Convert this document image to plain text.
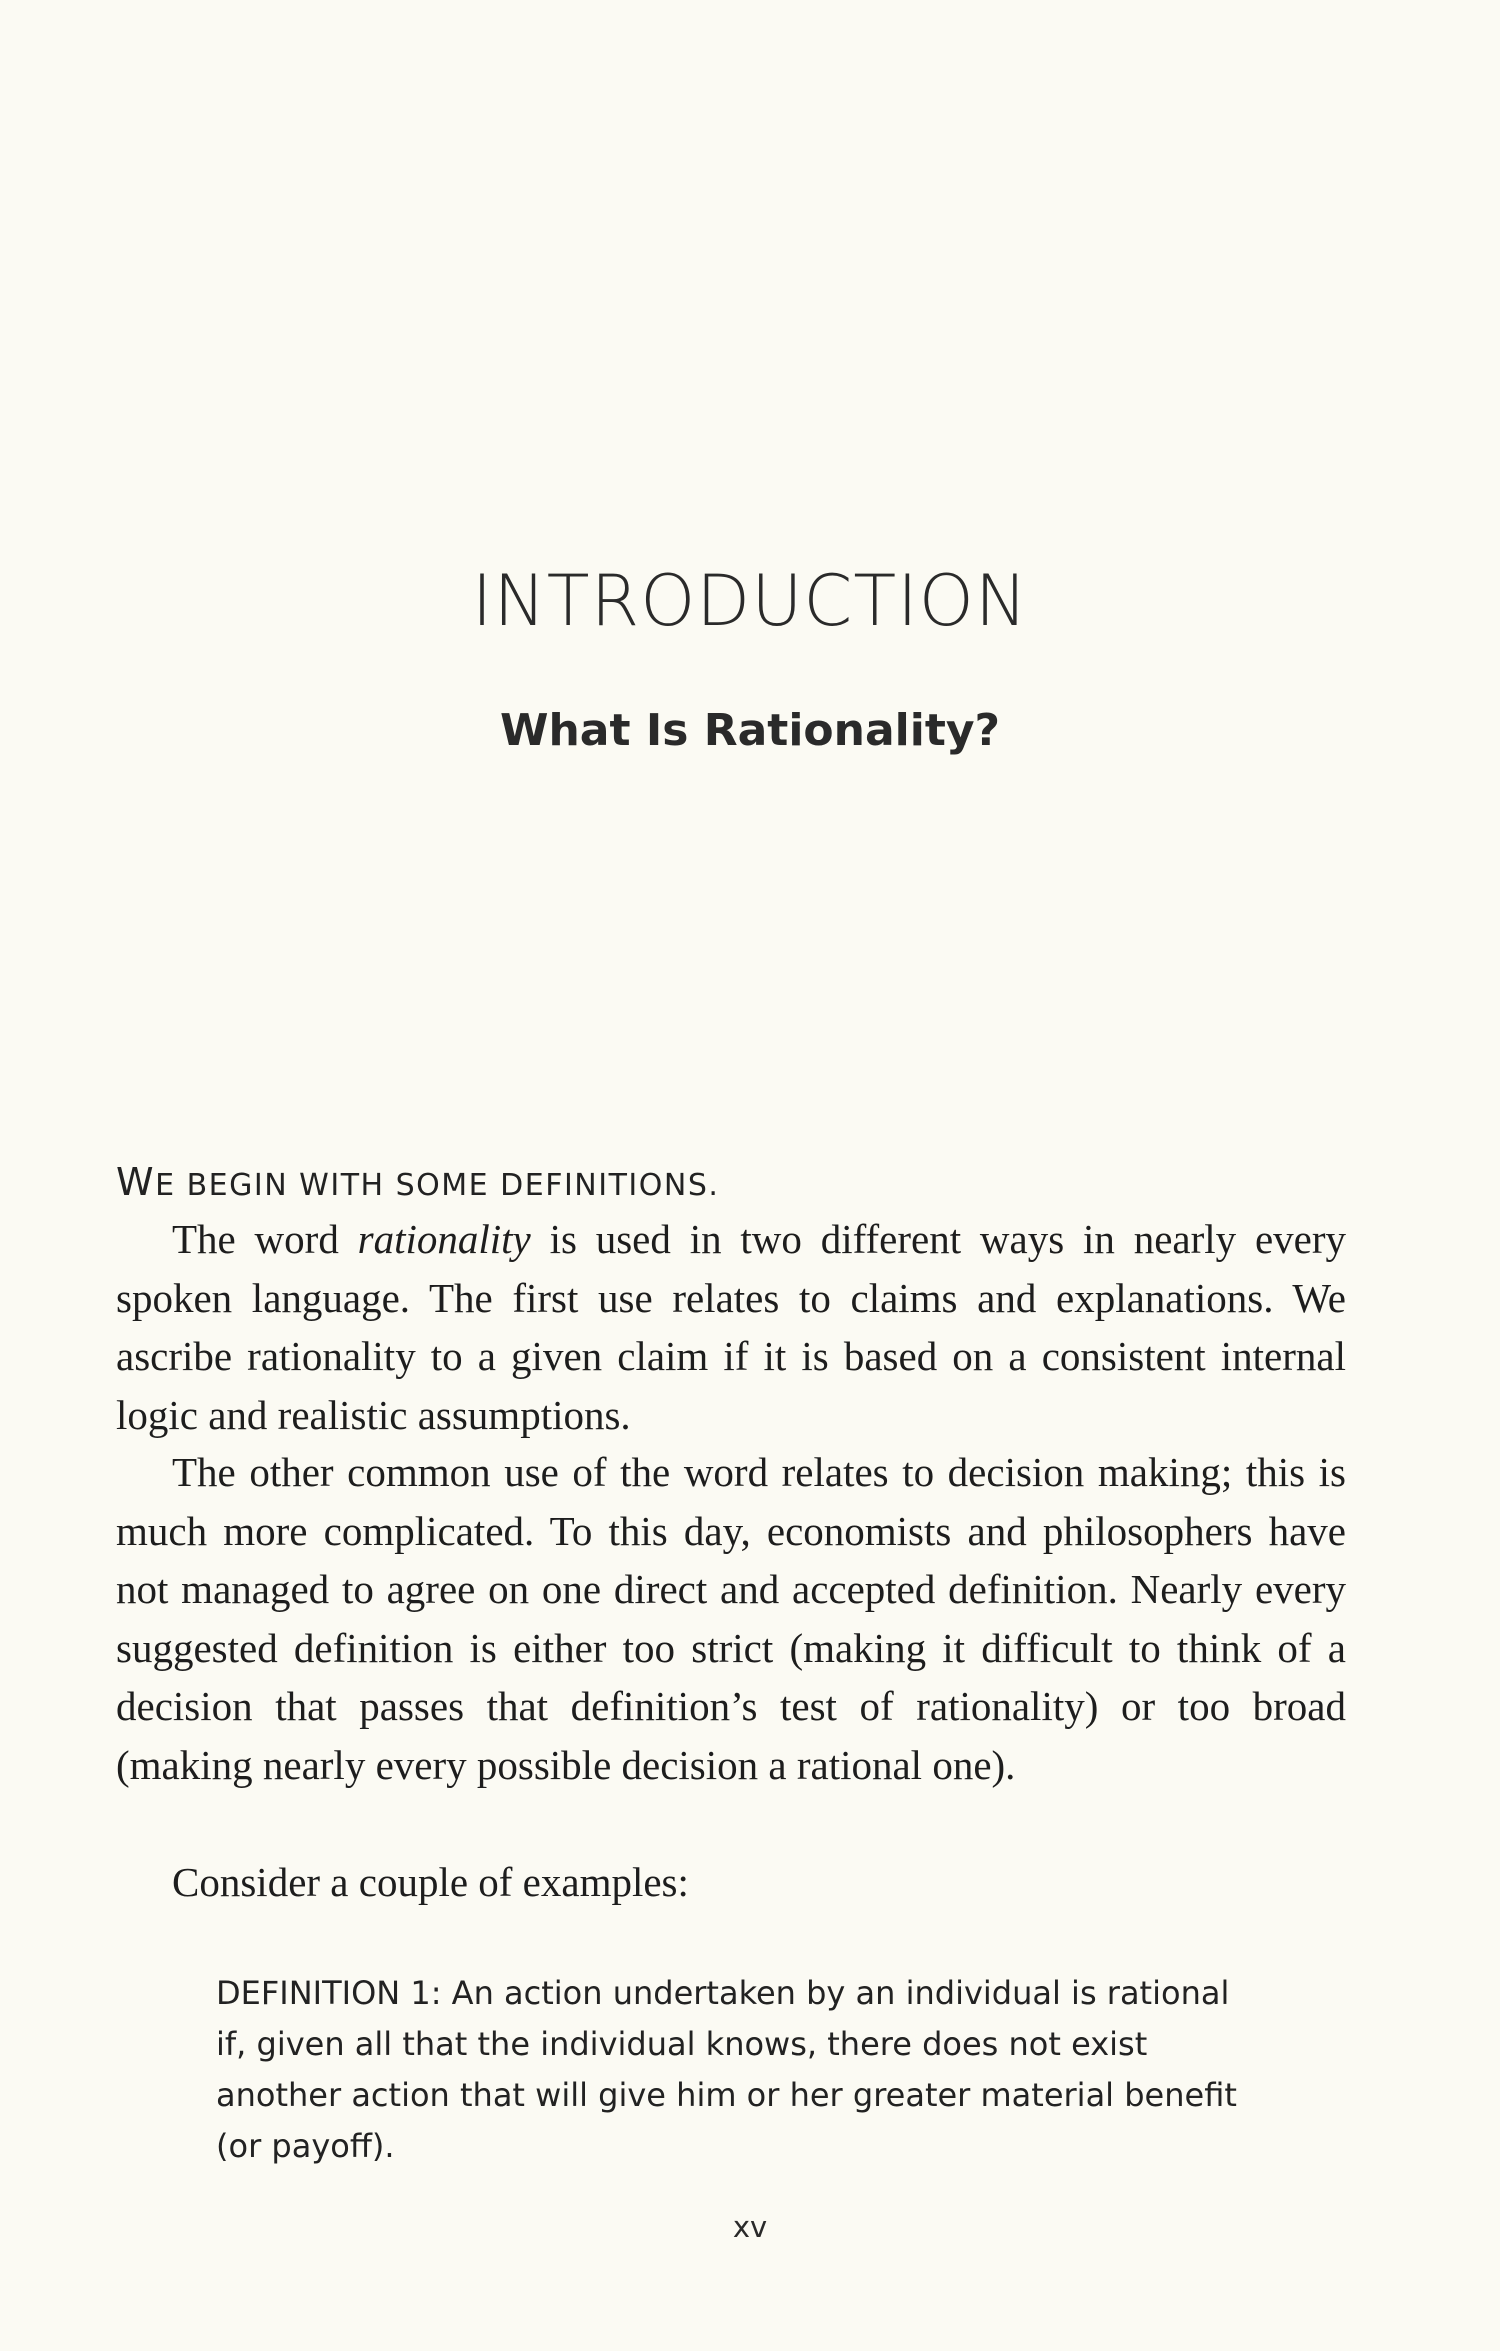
INTRODUCTION
What Is Rationality?

WE BEGIN WITH SOME DEFINITIONS.

The word rationality is used in two different ways in nearly every spoken language. The first use relates to claims and explanations. We ascribe rationality to a given claim if it is based on a consistent internal logic and realistic assumptions.

The other common use of the word relates to decision making; this is much more complicated. To this day, economists and philosophers have not managed to agree on one direct and accepted definition. Nearly every suggested definition is either too strict (making it difficult to think of a decision that passes that definition’s test of rationality) or too broad (making nearly every possible decision a rational one).

Consider a couple of examples:

DEFINITION 1: An action undertaken by an individual is rational if, given all that the individual knows, there does not exist another action that will give him or her greater material benefit (or payoff).

xv
